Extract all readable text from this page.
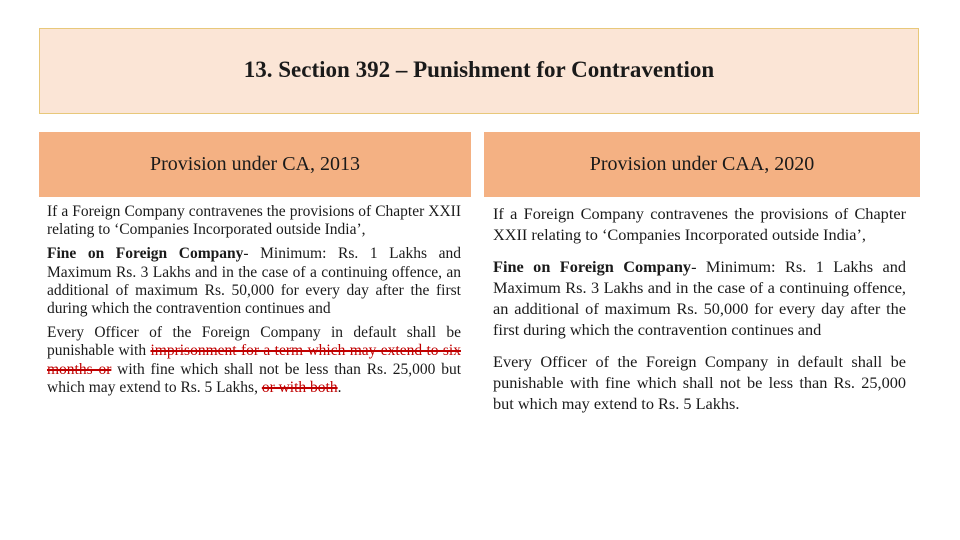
13. Section 392 – Punishment for Contravention
Provision under CA, 2013	Provision under CAA, 2020

If a Foreign Company contravenes the provisions of Chapter XXII relating to ‘Companies Incorporated outside India’,

Fine on Foreign Company- Minimum: Rs. 1 Lakhs and Maximum Rs. 3 Lakhs and in the case of a continuing offence, an additional of maximum Rs. 50,000 for every day after the first during which the contravention continues and

Every Officer of the Foreign Company in default shall be punishable with imprisonment for a term which may extend to six months or with fine which shall not be less than Rs. 25,000 but which may extend to Rs. 5 Lakhs, or with both.

If a Foreign Company contravenes the provisions of Chapter XXII relating to ‘Companies Incorporated outside India’,

Fine on Foreign Company- Minimum: Rs. 1 Lakhs and Maximum Rs. 3 Lakhs and in the case of a continuing offence, an additional of maximum Rs. 50,000 for every day after the first during which the contravention continues and

Every Officer of the Foreign Company in default shall be punishable with fine which shall not be less than Rs. 25,000 but which may extend to Rs. 5 Lakhs.
